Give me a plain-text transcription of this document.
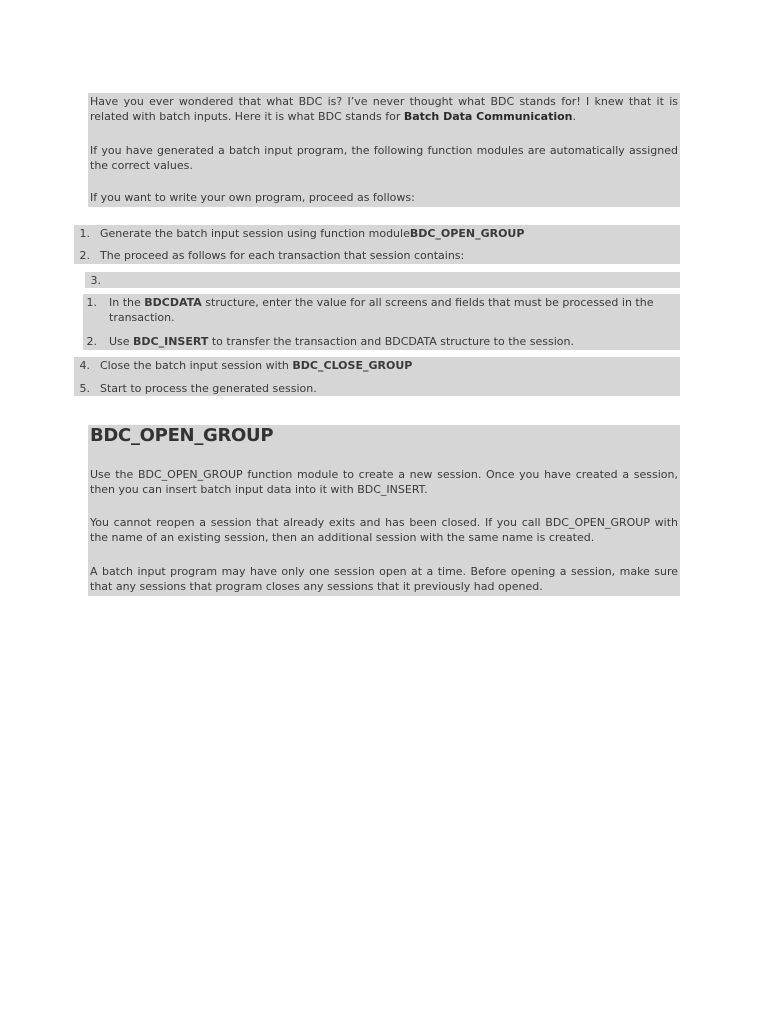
Have you ever wondered that what BDC is? I’ve never thought what BDC stands for! I knew that it is related with batch inputs. Here it is what BDC stands for Batch Data Communication.

If you have generated a batch input program, the following function modules are automatically assigned the correct values.

If you want to write your own program, proceed as follows:

1. Generate the batch input session using function moduleBDC_OPEN_GROUP
2. The proceed as follows for each transaction that session contains:
3.
1. In the BDCDATA structure, enter the value for all screens and fields that must be processed in the transaction.
2. Use BDC_INSERT to transfer the transaction and BDCDATA structure to the session.
4. Close the batch input session with BDC_CLOSE_GROUP
5. Start to process the generated session.
BDC_OPEN_GROUP

Use the BDC_OPEN_GROUP function module to create a new session. Once you have created a session, then you can insert batch input data into it with BDC_INSERT.

You cannot reopen a session that already exits and has been closed. If you call BDC_OPEN_GROUP with the name of an existing session, then an additional session with the same name is created.

A batch input program may have only one session open at a time. Before opening a session, make sure that any sessions that program closes any sessions that it previously had opened.
